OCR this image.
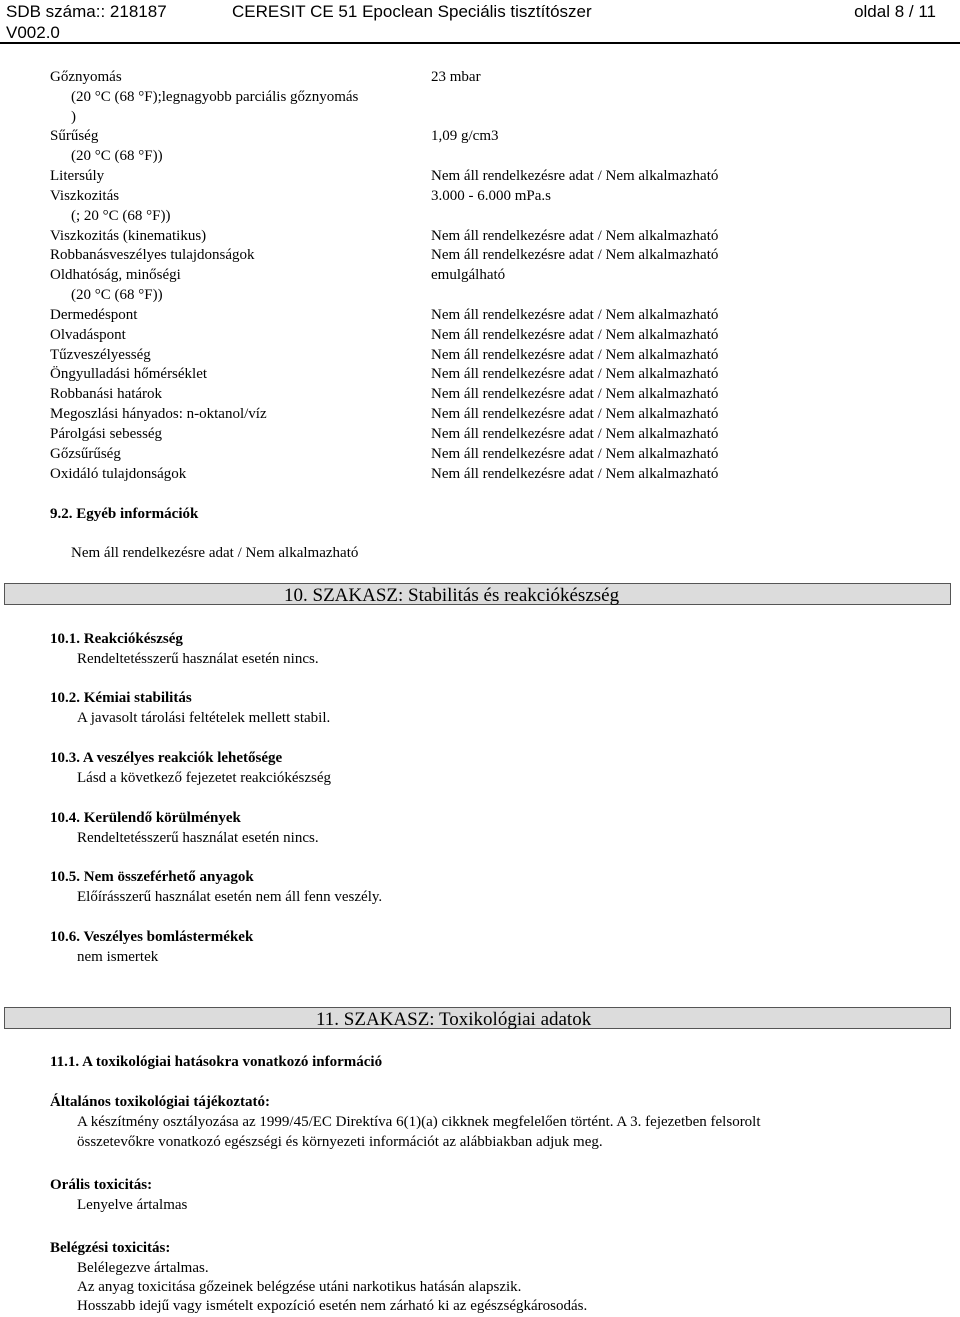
SDB száma:: 218187	CERESIT CE 51 Epoclean Speciális tisztítószer	oldal 8 / 11
V002.0
Gőznyomás
(20 °C (68 °F);legnagyobb parciális gőznyomás
)
Sűrűség
(20 °C (68 °F))
Litersúly
Viszkozitás
(; 20 °C (68 °F))
Viszkozitás (kinematikus)
Robbanásveszélyes tulajdonságok
Oldhatóság, minőségi
(20 °C (68 °F))
Dermedéspont
Olvadáspont
Tűzveszélyesség
Öngyulladási hőmérséklet
Robbanási határok
Megoszlási hányados: n-oktanol/víz
Párolgási sebesség
Gőzsűrűség
Oxidáló tulajdonságok
23 mbar
1,09 g/cm3
Nem áll rendelkezésre adat / Nem alkalmazható
3.000 - 6.000 mPa.s
Nem áll rendelkezésre adat / Nem alkalmazható
Nem áll rendelkezésre adat / Nem alkalmazható
emulgálható
Nem áll rendelkezésre adat / Nem alkalmazható
Nem áll rendelkezésre adat / Nem alkalmazható
Nem áll rendelkezésre adat / Nem alkalmazható
Nem áll rendelkezésre adat / Nem alkalmazható
Nem áll rendelkezésre adat / Nem alkalmazható
Nem áll rendelkezésre adat / Nem alkalmazható
Nem áll rendelkezésre adat / Nem alkalmazható
Nem áll rendelkezésre adat / Nem alkalmazható
Nem áll rendelkezésre adat / Nem alkalmazható
9.2. Egyéb információk
Nem áll rendelkezésre adat / Nem alkalmazható
10. SZAKASZ: Stabilitás és reakciókészség
10.1. Reakciókészség
Rendeltetésszerű használat esetén nincs.
10.2. Kémiai stabilitás
A javasolt tárolási feltételek mellett stabil.
10.3. A veszélyes reakciók lehetősége
Lásd a következő fejezetet reakciókészség
10.4. Kerülendő körülmények
Rendeltetésszerű használat esetén nincs.
10.5. Nem összeférhető anyagok
Előírásszerű használat esetén nem áll fenn veszély.
10.6. Veszélyes bomlástermékek
nem ismertek
11. SZAKASZ: Toxikológiai adatok
11.1. A toxikológiai hatásokra vonatkozó információ
Általános toxikológiai tájékoztató:
A készítmény osztályozása az 1999/45/EC Direktíva 6(1)(a) cikknek megfelelően történt. A 3. fejezetben felsorolt
összetevőkre vonatkozó egészségi és környezeti információt az alábbiakban adjuk meg.
Orális toxicitás:
Lenyelve ártalmas
Belégzési toxicitás:
Belélegezve ártalmas.
Az anyag toxicitása gőzeinek belégzése utáni narkotikus hatásán alapszik.
Hosszabb idejű vagy ismételt expozíció esetén nem zárható ki az egészségkárosodás.
